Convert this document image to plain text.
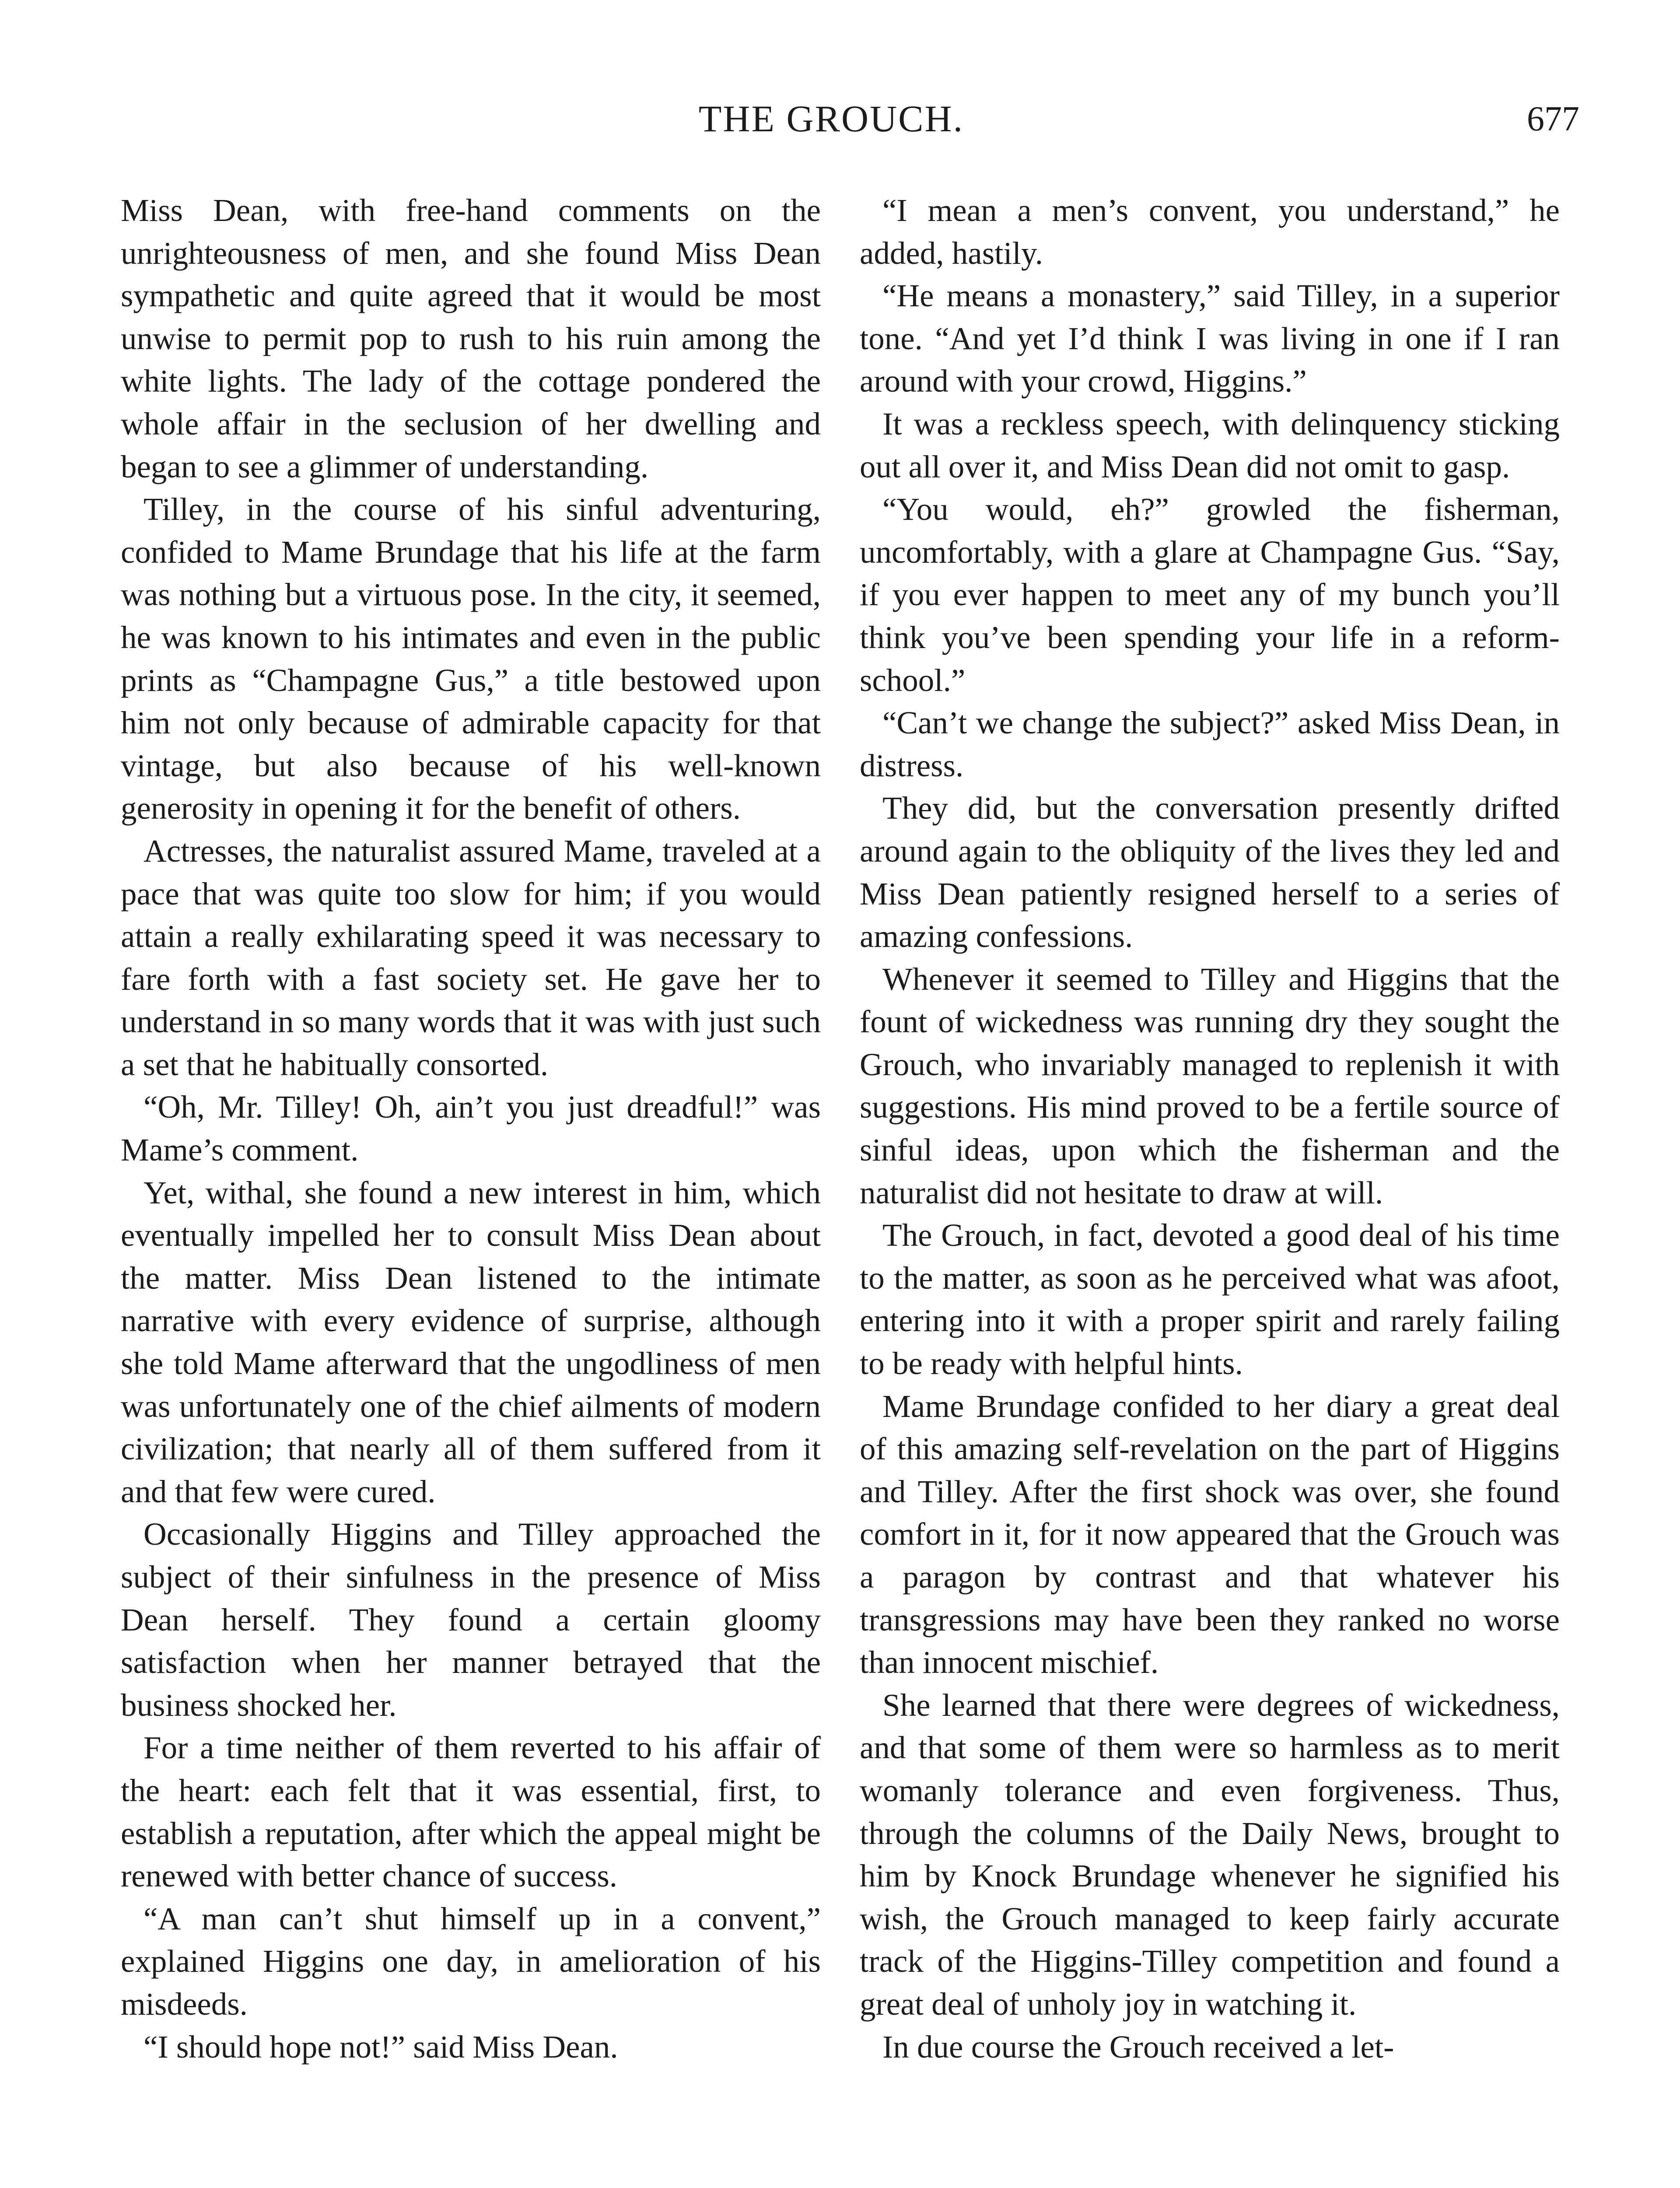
THE GROUCH.	677

Miss Dean, with free-hand comments on the unrighteousness of men, and she found Miss Dean sympathetic and quite agreed that it would be most unwise to permit pop to rush to his ruin among the white lights. The lady of the cottage pondered the whole affair in the seclusion of her dwelling and began to see a glimmer of understanding.

Tilley, in the course of his sinful adventuring, confided to Mame Brundage that his life at the farm was nothing but a virtuous pose. In the city, it seemed, he was known to his intimates and even in the public prints as “Champagne Gus,” a title bestowed upon him not only because of admirable capacity for that vintage, but also because of his well-known generosity in opening it for the benefit of others.

Actresses, the naturalist assured Mame, traveled at a pace that was quite too slow for him; if you would attain a really exhilarating speed it was necessary to fare forth with a fast society set. He gave her to understand in so many words that it was with just such a set that he habitually consorted.

“Oh, Mr. Tilley! Oh, ain’t you just dreadful!” was Mame’s comment.

Yet, withal, she found a new interest in him, which eventually impelled her to consult Miss Dean about the matter. Miss Dean listened to the intimate narrative with every evidence of surprise, although she told Mame afterward that the ungodliness of men was unfortunately one of the chief ailments of modern civilization; that nearly all of them suffered from it and that few were cured.

Occasionally Higgins and Tilley approached the subject of their sinfulness in the presence of Miss Dean herself. They found a certain gloomy satisfaction when her manner betrayed that the business shocked her.

For a time neither of them reverted to his affair of the heart: each felt that it was essential, first, to establish a reputation, after which the appeal might be renewed with better chance of success.

“A man can’t shut himself up in a convent,” explained Higgins one day, in amelioration of his misdeeds.

“I should hope not!” said Miss Dean.

“I mean a men’s convent, you understand,” he added, hastily.

“He means a monastery,” said Tilley, in a superior tone. “And yet I’d think I was living in one if I ran around with your crowd, Higgins.”

It was a reckless speech, with delinquency sticking out all over it, and Miss Dean did not omit to gasp.

“You would, eh?” growled the fisherman, uncomfortably, with a glare at Champagne Gus. “Say, if you ever happen to meet any of my bunch you’ll think you’ve been spending your life in a reform-school.”

“Can’t we change the subject?” asked Miss Dean, in distress.

They did, but the conversation presently drifted around again to the obliquity of the lives they led and Miss Dean patiently resigned herself to a series of amazing confessions.

Whenever it seemed to Tilley and Higgins that the fount of wickedness was running dry they sought the Grouch, who invariably managed to replenish it with suggestions. His mind proved to be a fertile source of sinful ideas, upon which the fisherman and the naturalist did not hesitate to draw at will.

The Grouch, in fact, devoted a good deal of his time to the matter, as soon as he perceived what was afoot, entering into it with a proper spirit and rarely failing to be ready with helpful hints.

Mame Brundage confided to her diary a great deal of this amazing self-revelation on the part of Higgins and Tilley. After the first shock was over, she found comfort in it, for it now appeared that the Grouch was a paragon by contrast and that whatever his transgressions may have been they ranked no worse than innocent mischief.

She learned that there were degrees of wickedness, and that some of them were so harmless as to merit womanly tolerance and even forgiveness. Thus, through the columns of the Daily News, brought to him by Knock Brundage whenever he signified his wish, the Grouch managed to keep fairly accurate track of the Higgins-Tilley competition and found a great deal of unholy joy in watching it.

In due course the Grouch received a let-
